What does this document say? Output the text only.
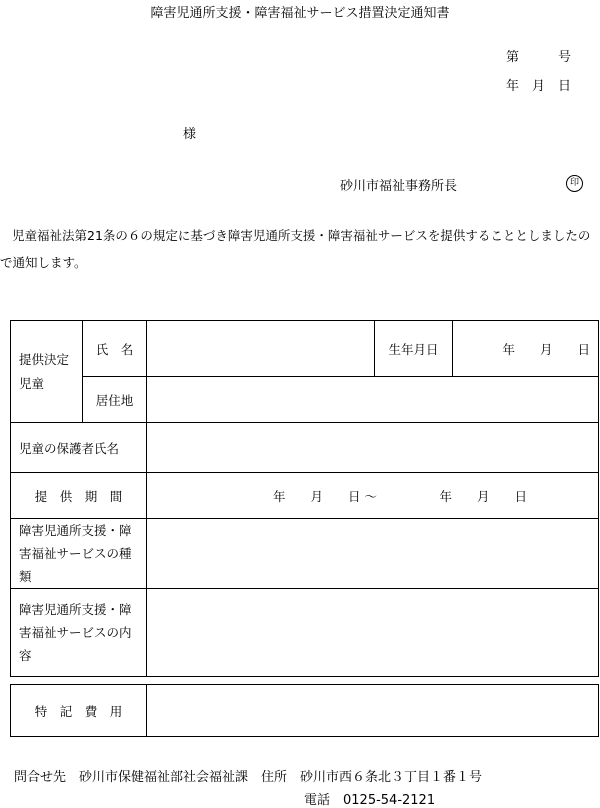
障害児通所支援・障害福祉サービス措置決定通知書
第　　　号
年　月　日
様
砂川市福祉事務所長	印
児童福祉法第21条の６の規定に基づき障害児通所支援・障害福祉サービスを提供することとしましたので通知します。
提供決定児童	氏　名		生年月日	年　　月　　日
	居住地			
児童の保護者氏名				
提　供　期　間		年　　月　　日 〜　　　　　年　　月　　日		
障害児通所支援・障害福祉サービスの種類				
障害児通所支援・障害福祉サービスの内容				
特　記　費　用	
問合せ先　砂川市保健福祉部社会福祉課　住所　砂川市西６条北３丁目１番１号
電話　0125-54-2121
